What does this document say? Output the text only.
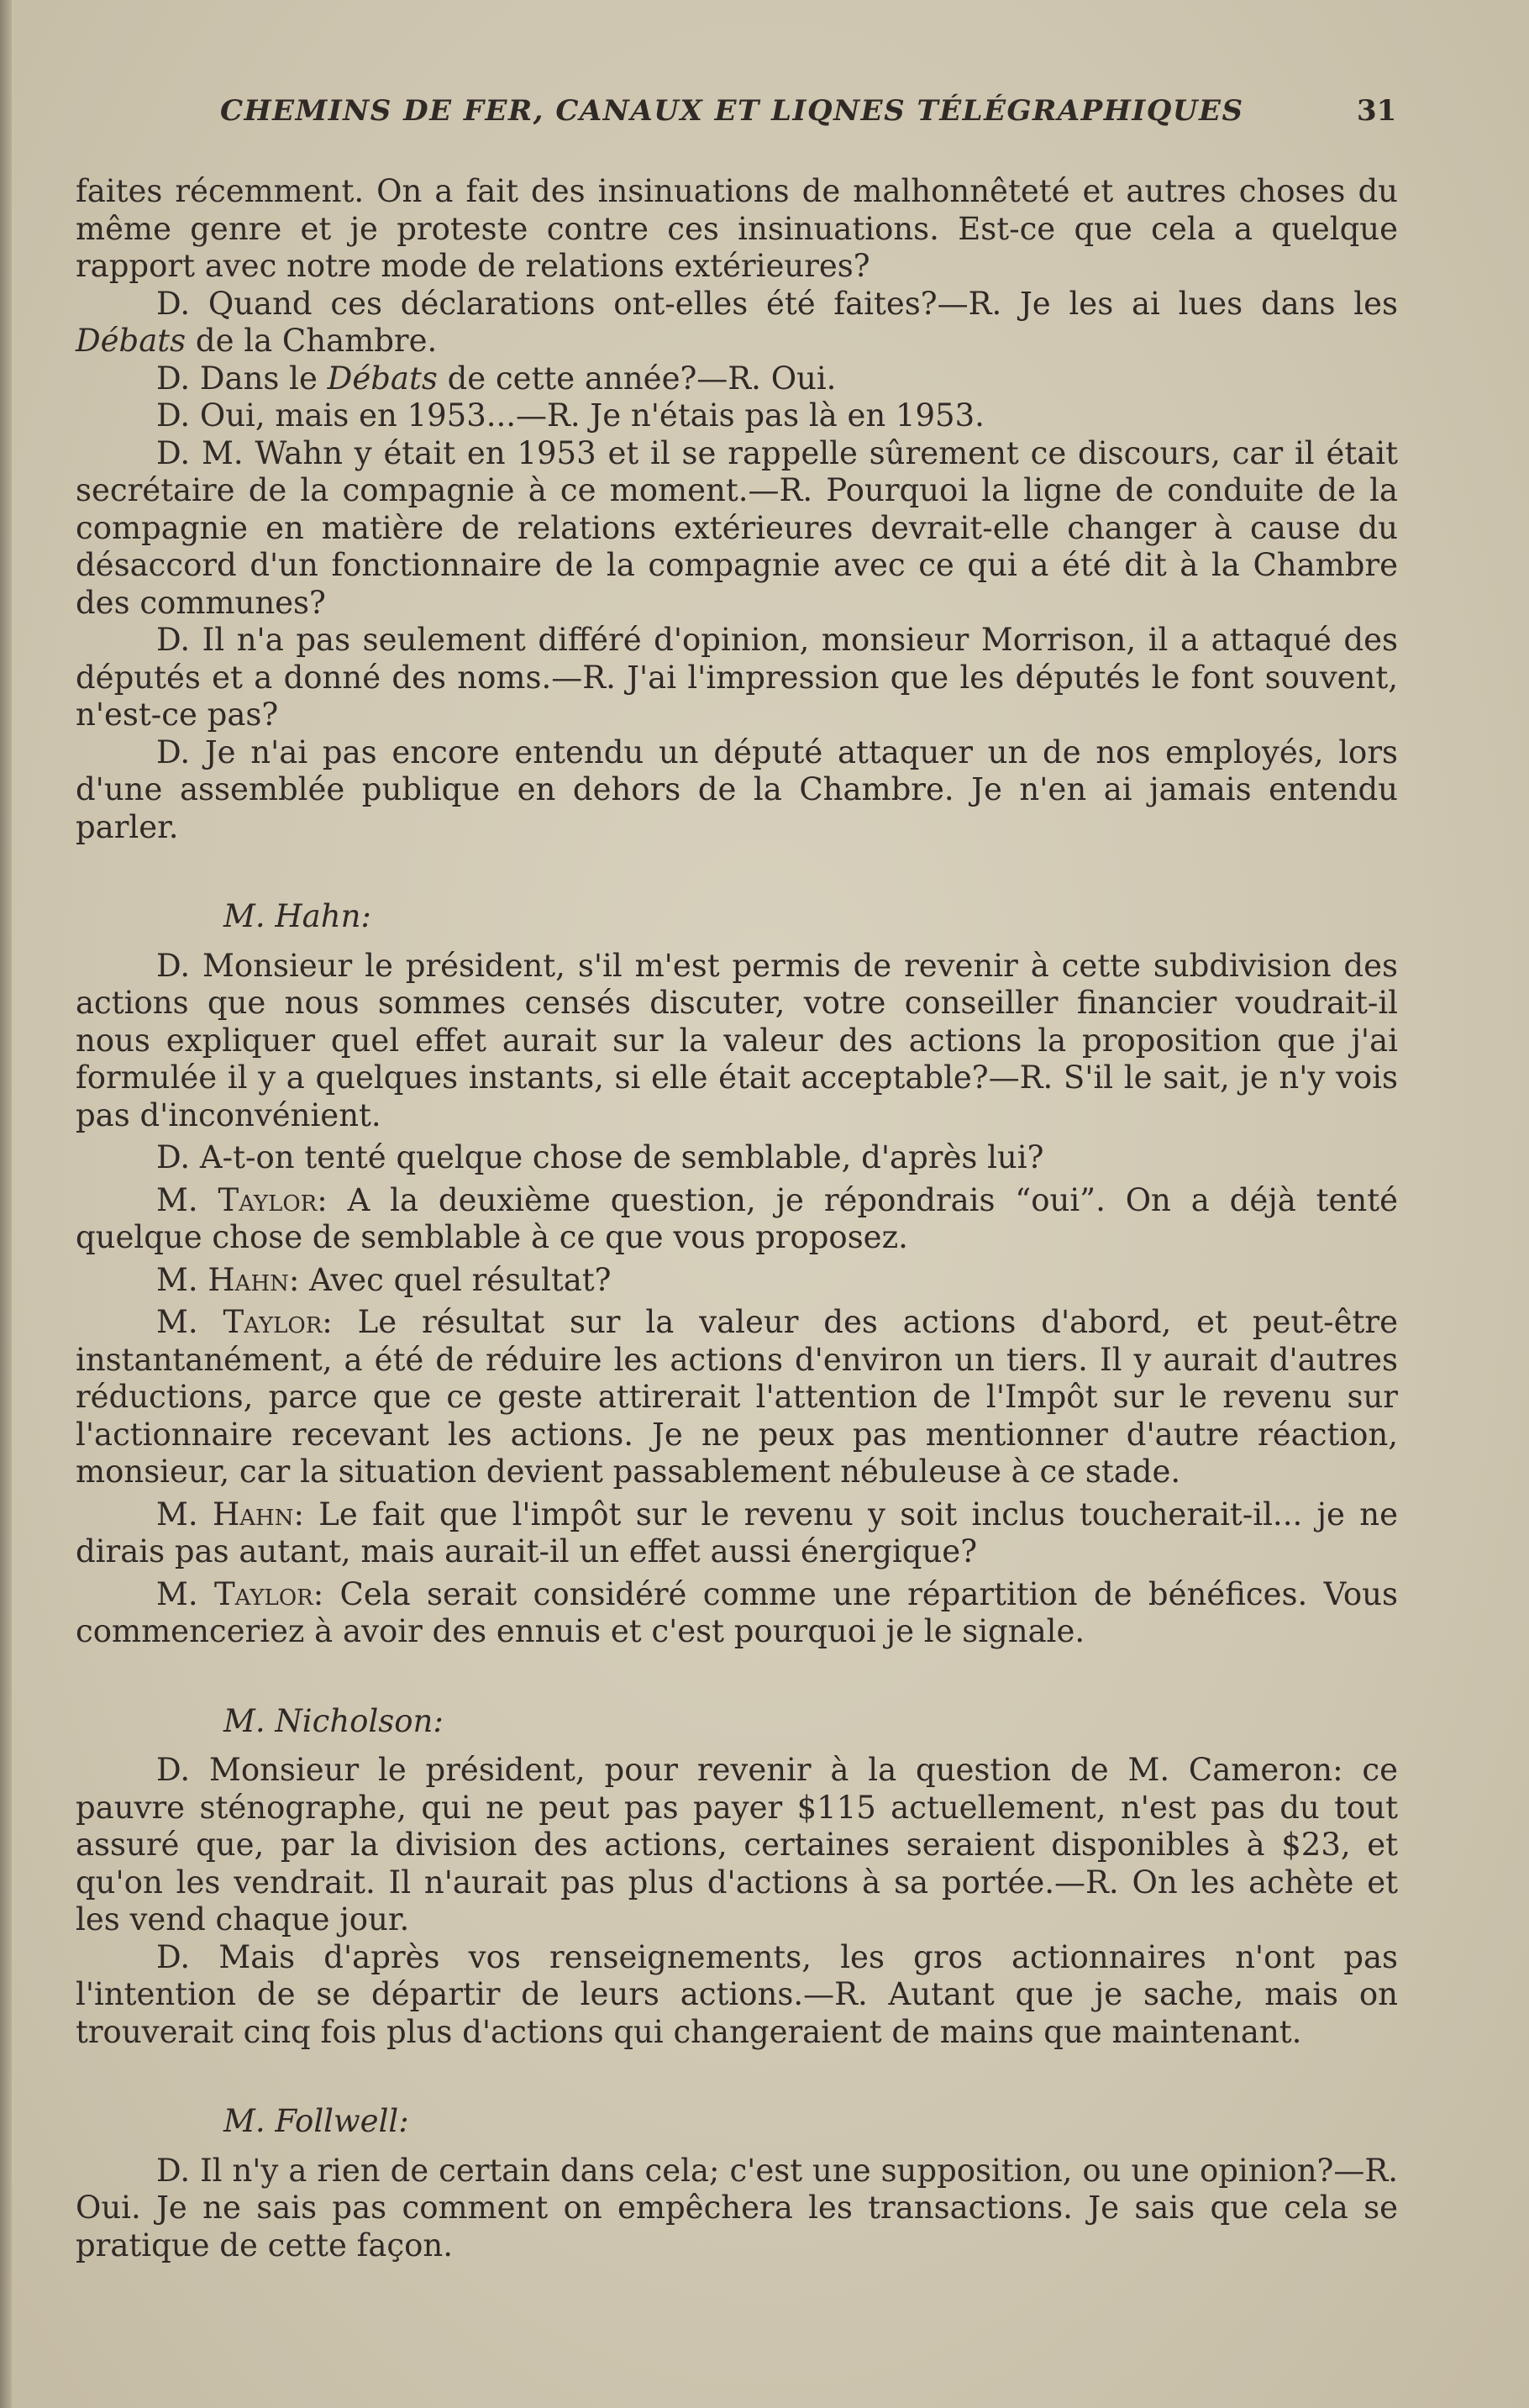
CHEMINS DE FER, CANAUX ET LIQNES TÉLÉGRAPHIQUES	31

faites récemment. On a fait des insinuations de malhonnêteté et autres choses du même genre et je proteste contre ces insinuations. Est-ce que cela a quelque rapport avec notre mode de relations extérieures?

D. Quand ces déclarations ont-elles été faites?—R. Je les ai lues dans les Débats de la Chambre.

D. Dans le Débats de cette année?—R. Oui.

D. Oui, mais en 1953...—R. Je n'étais pas là en 1953.

D. M. Wahn y était en 1953 et il se rappelle sûrement ce discours, car il était secrétaire de la compagnie à ce moment.—R. Pourquoi la ligne de conduite de la compagnie en matière de relations extérieures devrait-elle changer à cause du désaccord d'un fonctionnaire de la compagnie avec ce qui a été dit à la Chambre des communes?

D. Il n'a pas seulement différé d'opinion, monsieur Morrison, il a attaqué des députés et a donné des noms.—R. J'ai l'impression que les députés le font souvent, n'est-ce pas?

D. Je n'ai pas encore entendu un député attaquer un de nos employés, lors d'une assemblée publique en dehors de la Chambre. Je n'en ai jamais entendu parler.

M. Hahn:

D. Monsieur le président, s'il m'est permis de revenir à cette subdivision des actions que nous sommes censés discuter, votre conseiller financier voudrait-il nous expliquer quel effet aurait sur la valeur des actions la proposition que j'ai formulée il y a quelques instants, si elle était acceptable?—R. S'il le sait, je n'y vois pas d'inconvénient.

D. A-t-on tenté quelque chose de semblable, d'après lui?

M. Taylor: A la deuxième question, je répondrais “oui”. On a déjà tenté quelque chose de semblable à ce que vous proposez.

M. Hahn: Avec quel résultat?

M. Taylor: Le résultat sur la valeur des actions d'abord, et peut-être instantanément, a été de réduire les actions d'environ un tiers. Il y aurait d'autres réductions, parce que ce geste attirerait l'attention de l'Impôt sur le revenu sur l'actionnaire recevant les actions. Je ne peux pas mentionner d'autre réaction, monsieur, car la situation devient passablement nébuleuse à ce stade.

M. Hahn: Le fait que l'impôt sur le revenu y soit inclus toucherait-il... je ne dirais pas autant, mais aurait-il un effet aussi énergique?

M. Taylor: Cela serait considéré comme une répartition de bénéfices. Vous commenceriez à avoir des ennuis et c'est pourquoi je le signale.

M. Nicholson:

D. Monsieur le président, pour revenir à la question de M. Cameron: ce pauvre sténographe, qui ne peut pas payer $115 actuellement, n'est pas du tout assuré que, par la division des actions, certaines seraient disponibles à $23, et qu'on les vendrait. Il n'aurait pas plus d'actions à sa portée.—R. On les achète et les vend chaque jour.

D. Mais d'après vos renseignements, les gros actionnaires n'ont pas l'intention de se départir de leurs actions.—R. Autant que je sache, mais on trouverait cinq fois plus d'actions qui changeraient de mains que maintenant.

M. Follwell:

D. Il n'y a rien de certain dans cela; c'est une supposition, ou une opinion?—R. Oui. Je ne sais pas comment on empêchera les transactions. Je sais que cela se pratique de cette façon.
